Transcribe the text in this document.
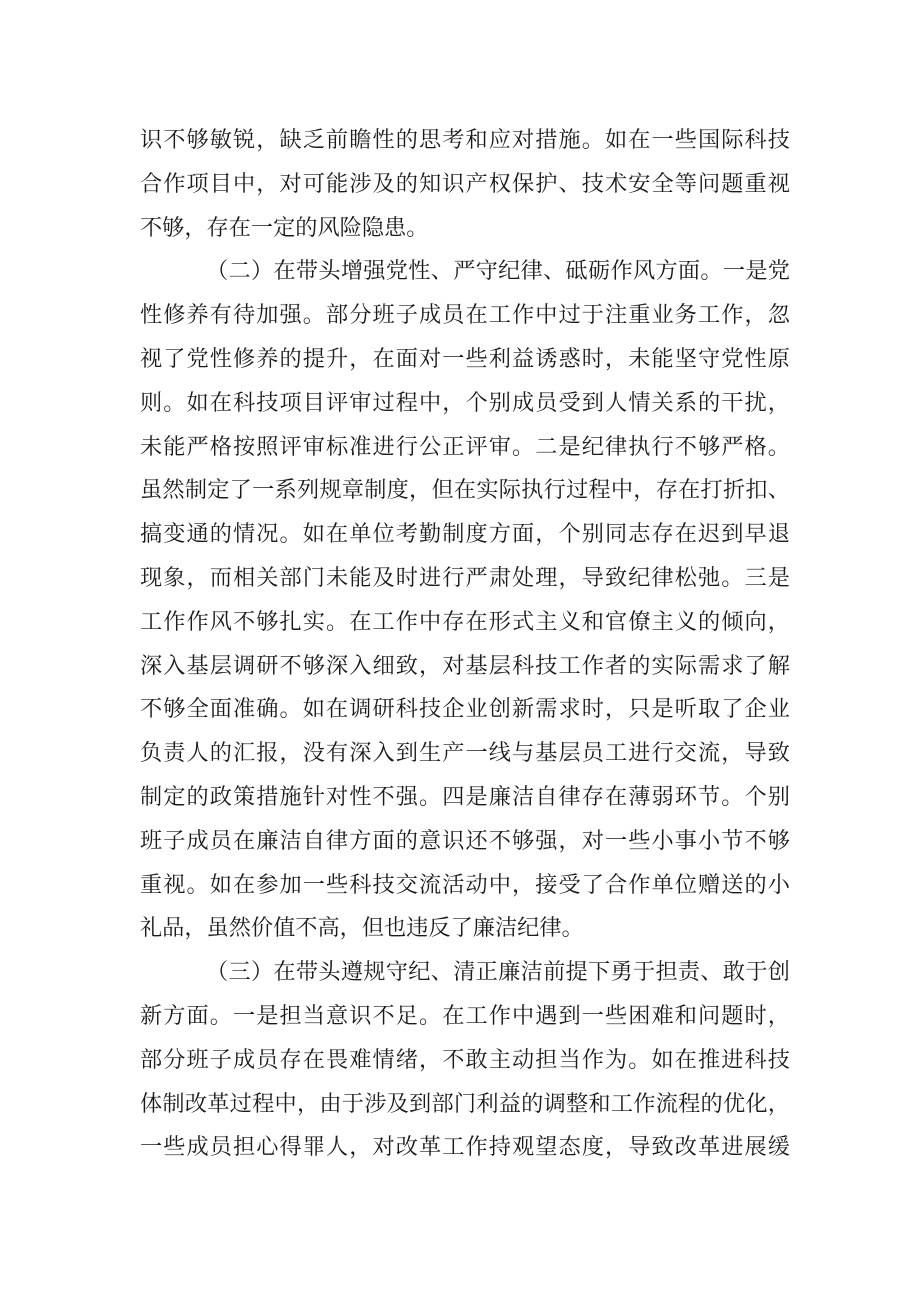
识不够敏锐，缺乏前瞻性的思考和应对措施。如在一些国际科技
合作项目中，对可能涉及的知识产权保护、技术安全等问题重视
不够，存在一定的风险隐患。
（二）在带头增强党性、严守纪律、砥砺作风方面。一是党
性修养有待加强。部分班子成员在工作中过于注重业务工作，忽
视了党性修养的提升，在面对一些利益诱惑时，未能坚守党性原
则。如在科技项目评审过程中，个别成员受到人情关系的干扰，
未能严格按照评审标准进行公正评审。二是纪律执行不够严格。
虽然制定了一系列规章制度，但在实际执行过程中，存在打折扣、
搞变通的情况。如在单位考勤制度方面，个别同志存在迟到早退
现象，而相关部门未能及时进行严肃处理，导致纪律松弛。三是
工作作风不够扎实。在工作中存在形式主义和官僚主义的倾向，
深入基层调研不够深入细致，对基层科技工作者的实际需求了解
不够全面准确。如在调研科技企业创新需求时，只是听取了企业
负责人的汇报，没有深入到生产一线与基层员工进行交流，导致
制定的政策措施针对性不强。四是廉洁自律存在薄弱环节。个别
班子成员在廉洁自律方面的意识还不够强，对一些小事小节不够
重视。如在参加一些科技交流活动中，接受了合作单位赠送的小
礼品，虽然价值不高，但也违反了廉洁纪律。
（三）在带头遵规守纪、清正廉洁前提下勇于担责、敢于创
新方面。一是担当意识不足。在工作中遇到一些困难和问题时，
部分班子成员存在畏难情绪，不敢主动担当作为。如在推进科技
体制改革过程中，由于涉及到部门利益的调整和工作流程的优化，
一些成员担心得罪人，对改革工作持观望态度，导致改革进展缓
